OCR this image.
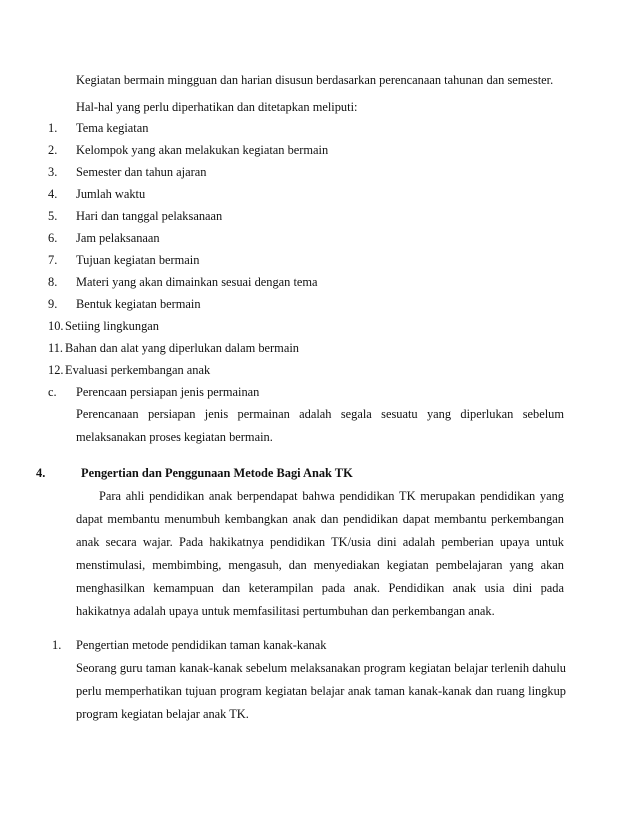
Kegiatan bermain mingguan dan harian disusun berdasarkan perencanaan tahunan dan semester.
Hal-hal yang perlu diperhatikan dan ditetapkan meliputi:
1. Tema kegiatan
2. Kelompok yang akan melakukan kegiatan bermain
3. Semester dan tahun ajaran
4. Jumlah waktu
5. Hari dan tanggal pelaksanaan
6. Jam pelaksanaan
7. Tujuan kegiatan bermain
8. Materi yang akan dimainkan sesuai dengan tema
9. Bentuk kegiatan bermain
10. Setiing lingkungan
11. Bahan dan alat yang diperlukan dalam bermain
12. Evaluasi perkembangan anak
c. Perencaan persiapan jenis permainan
Perencanaan persiapan jenis permainan adalah segala sesuatu yang diperlukan sebelum
melaksanakan proses kegiatan bermain.
4.	Pengertian dan Penggunaan Metode Bagi Anak TK
Para ahli pendidikan anak berpendapat bahwa pendidikan TK merupakan pendidikan yang
dapat membantu menumbuh kembangkan anak dan pendidikan dapat membantu perkembangan
anak secara wajar. Pada hakikatnya pendidikan TK/usia dini adalah pemberian upaya untuk
menstimulasi, membimbing, mengasuh, dan menyediakan kegiatan pembelajaran yang akan
menghasilkan kemampuan dan keterampilan pada anak. Pendidikan anak usia dini pada
hakikatnya adalah upaya untuk memfasilitasi pertumbuhan dan perkembangan anak.
1. Pengertian metode pendidikan taman kanak-kanak
Seorang guru taman kanak-kanak sebelum melaksanakan program kegiatan belajar terlenih dahulu
perlu memperhatikan tujuan program kegiatan belajar anak taman kanak-kanak dan ruang lingkup
program kegiatan belajar anak TK.
